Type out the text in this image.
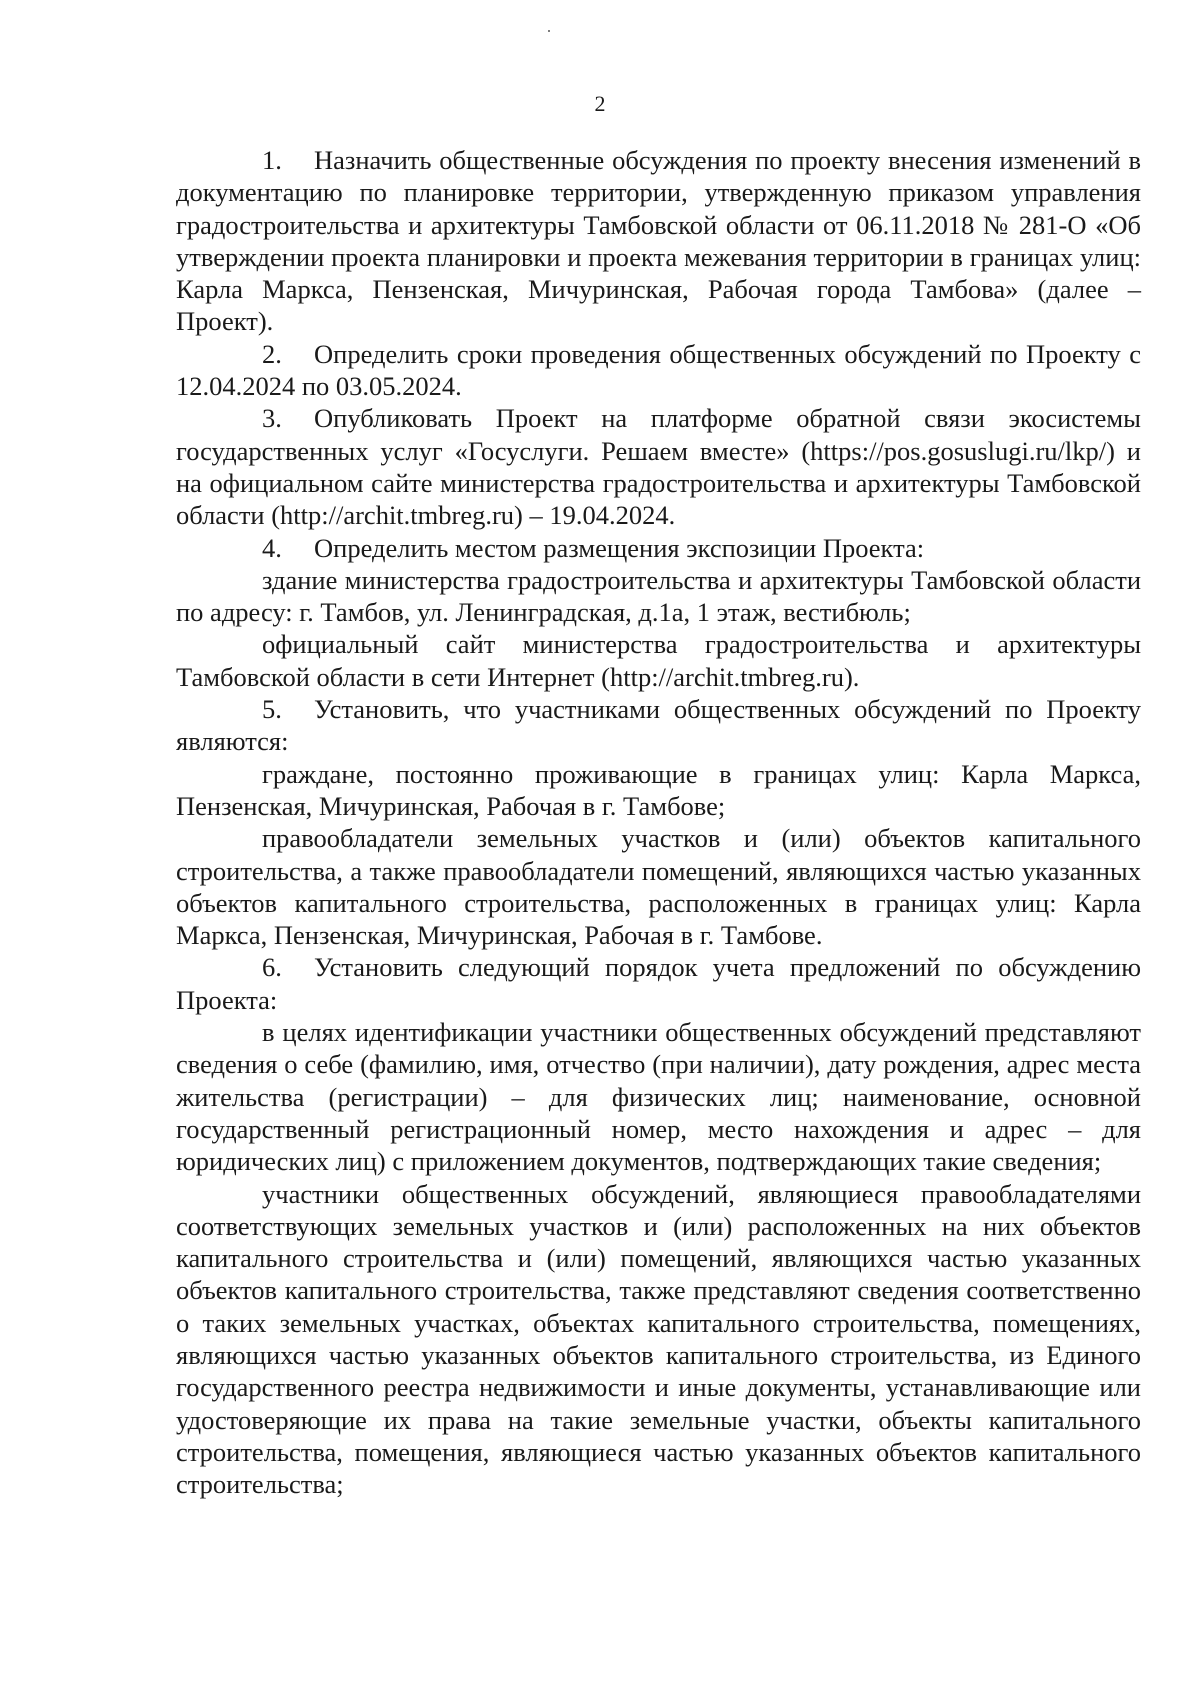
2

1. Назначить общественные обсуждения по проекту внесения изменений в документацию по планировке территории, утвержденную приказом управления градостроительства и архитектуры Тамбовской области от 06.11.2018 № 281-О «Об утверждении проекта планировки и проекта межевания территории в границах улиц: Карла Маркса, Пензенская, Мичуринская, Рабочая города Тамбова» (далее – Проект).

2. Определить сроки проведения общественных обсуждений по Проекту с 12.04.2024 по 03.05.2024.

3. Опубликовать Проект на платформе обратной связи экосистемы государственных услуг «Госуслуги. Решаем вместе» (https://pos.gosuslugi.ru/lkp/) и на официальном сайте министерства градостроительства и архитектуры Тамбовской области (http://archit.tmbreg.ru) – 19.04.2024.

4. Определить местом размещения экспозиции Проекта:

здание министерства градостроительства и архитектуры Тамбовской области по адресу: г. Тамбов, ул. Ленинградская, д.1а, 1 этаж, вестибюль;

официальный сайт министерства градостроительства и архитектуры Тамбовской области в сети Интернет (http://archit.tmbreg.ru).

5. Установить, что участниками общественных обсуждений по Проекту являются:

граждане, постоянно проживающие в границах улиц: Карла Маркса, Пензенская, Мичуринская, Рабочая в г. Тамбове;

правообладатели земельных участков и (или) объектов капитального строительства, а также правообладатели помещений, являющихся частью указанных объектов капитального строительства, расположенных в границах улиц: Карла Маркса, Пензенская, Мичуринская, Рабочая в г. Тамбове.

6. Установить следующий порядок учета предложений по обсуждению Проекта:

в целях идентификации участники общественных обсуждений представляют сведения о себе (фамилию, имя, отчество (при наличии), дату рождения, адрес места жительства (регистрации) – для физических лиц; наименование, основной государственный регистрационный номер, место нахождения и адрес – для юридических лиц) с приложением документов, подтверждающих такие сведения;

участники общественных обсуждений, являющиеся правообладателями соответствующих земельных участков и (или) расположенных на них объектов капитального строительства и (или) помещений, являющихся частью указанных объектов капитального строительства, также представляют сведения соответственно о таких земельных участках, объектах капитального строительства, помещениях, являющихся частью указанных объектов капитального строительства, из Единого государственного реестра недвижимости и иные документы, устанавливающие или удостоверяющие их права на такие земельные участки, объекты капитального строительства, помещения, являющиеся частью указанных объектов капитального строительства;
